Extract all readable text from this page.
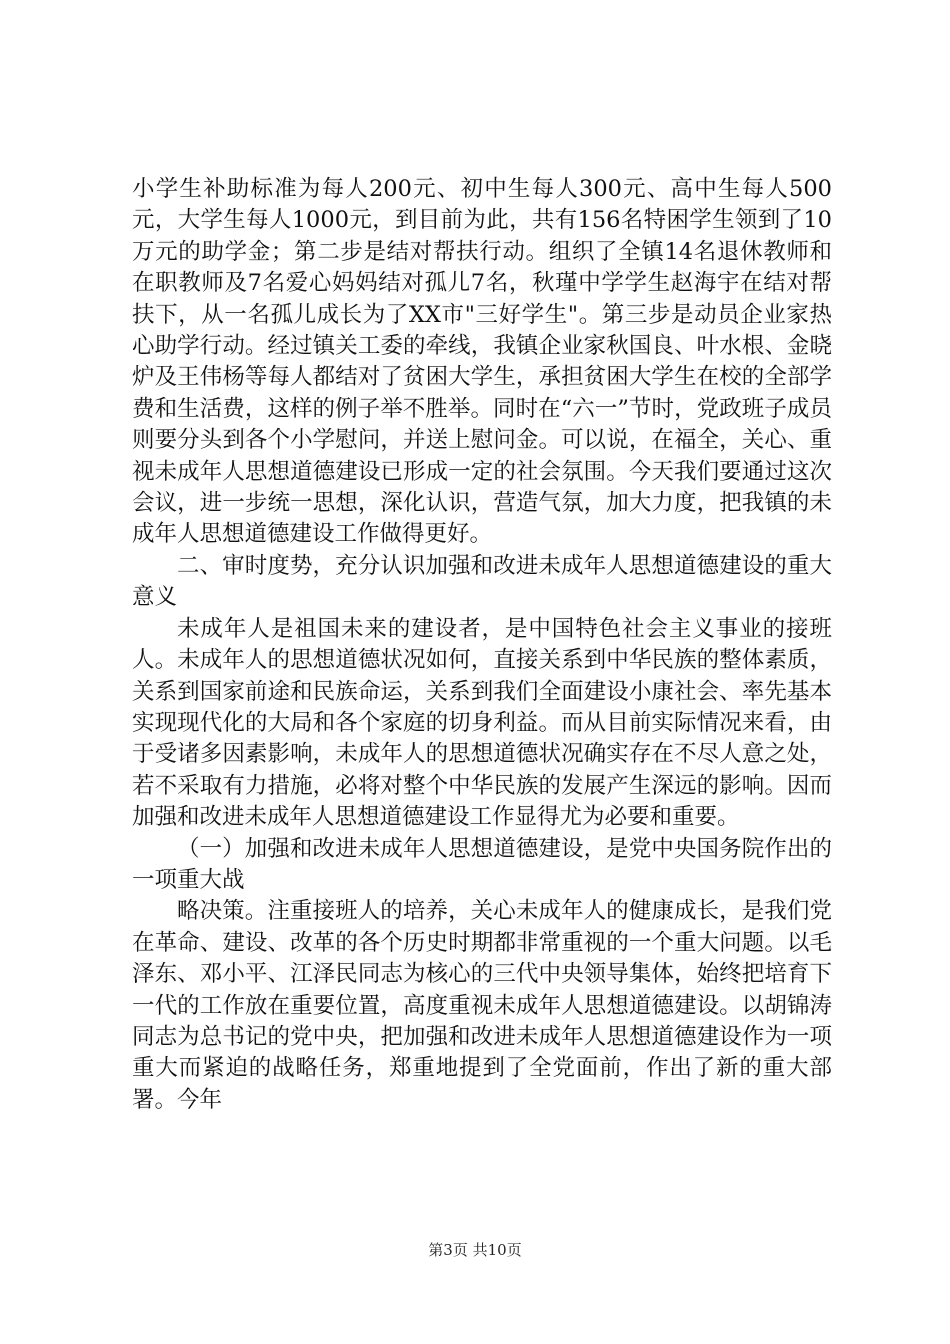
小学生补助标准为每人200元、初中生每人300元、高中生每人500元，大学生每人1000元，到目前为此，共有156名特困学生领到了10万元的助学金；第二步是结对帮扶行动。组织了全镇14名退休教师和在职教师及7名爱心妈妈结对孤儿7名，秋瑾中学学生赵海宇在结对帮扶下，从一名孤儿成长为了XX市"三好学生"。第三步是动员企业家热心助学行动。经过镇关工委的牵线，我镇企业家秋国良、叶水根、金晓炉及王伟杨等每人都结对了贫困大学生，承担贫困大学生在校的全部学费和生活费，这样的例子举不胜举。同时在“六一”节时，党政班子成员则要分头到各个小学慰问，并送上慰问金。可以说，在福全，关心、重视未成年人思想道德建设已形成一定的社会氛围。今天我们要通过这次会议，进一步统一思想，深化认识，营造气氛，加大力度，把我镇的未成年人思想道德建设工作做得更好。

二、审时度势，充分认识加强和改进未成年人思想道德建设的重大意义

未成年人是祖国未来的建设者，是中国特色社会主义事业的接班人。未成年人的思想道德状况如何，直接关系到中华民族的整体素质，关系到国家前途和民族命运，关系到我们全面建设小康社会、率先基本实现现代化的大局和各个家庭的切身利益。而从目前实际情况来看，由于受诸多因素影响，未成年人的思想道德状况确实存在不尽人意之处，若不采取有力措施，必将对整个中华民族的发展产生深远的影响。因而加强和改进未成年人思想道德建设工作显得尤为必要和重要。

（一）加强和改进未成年人思想道德建设，是党中央国务院作出的一项重大战

略决策。注重接班人的培养，关心未成年人的健康成长，是我们党在革命、建设、改革的各个历史时期都非常重视的一个重大问题。以毛泽东、邓小平、江泽民同志为核心的三代中央领导集体，始终把培育下一代的工作放在重要位置，高度重视未成年人思想道德建设。以胡锦涛同志为总书记的党中央，把加强和改进未成年人思想道德建设作为一项重大而紧迫的战略任务，郑重地提到了全党面前，作出了新的重大部署。今年

第3页 共10页
